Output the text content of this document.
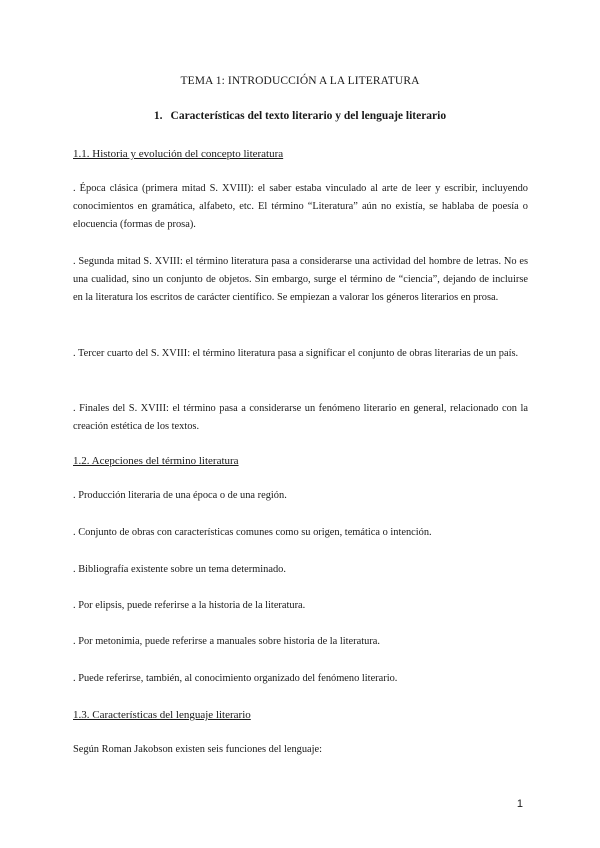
TEMA 1: INTRODUCCIÓN A LA LITERATURA
1. Características del texto literario y del lenguaje literario
1.1. Historia y evolución del concepto literatura
. Época clásica (primera mitad S. XVIII): el saber estaba vinculado al arte de leer y escribir, incluyendo conocimientos en gramática, alfabeto, etc. El término “Literatura” aún no existía, se hablaba de poesía o elocuencia (formas de prosa).
. Segunda mitad S. XVIII: el término literatura pasa a considerarse una actividad del hombre de letras. No es una cualidad, sino un conjunto de objetos. Sin embargo, surge el término de “ciencia”, dejando de incluirse en la literatura los escritos de carácter científico. Se empiezan a valorar los géneros literarios en prosa.
. Tercer cuarto del S. XVIII: el término literatura pasa a significar el conjunto de obras literarias de un país.
. Finales del S. XVIII: el término pasa a considerarse un fenómeno literario en general, relacionado con la creación estética de los textos.
1.2. Acepciones del término literatura
. Producción literaria de una época o de una región.
. Conjunto de obras con características comunes como su origen, temática o intención.
. Bibliografía existente sobre un tema determinado.
. Por elipsis, puede referirse a la historia de la literatura.
. Por metonimia, puede referirse a manuales sobre historia de la literatura.
. Puede referirse, también, al conocimiento organizado del fenómeno literario.
1.3. Características del lenguaje literario
Según Roman Jakobson existen seis funciones del lenguaje:
1
